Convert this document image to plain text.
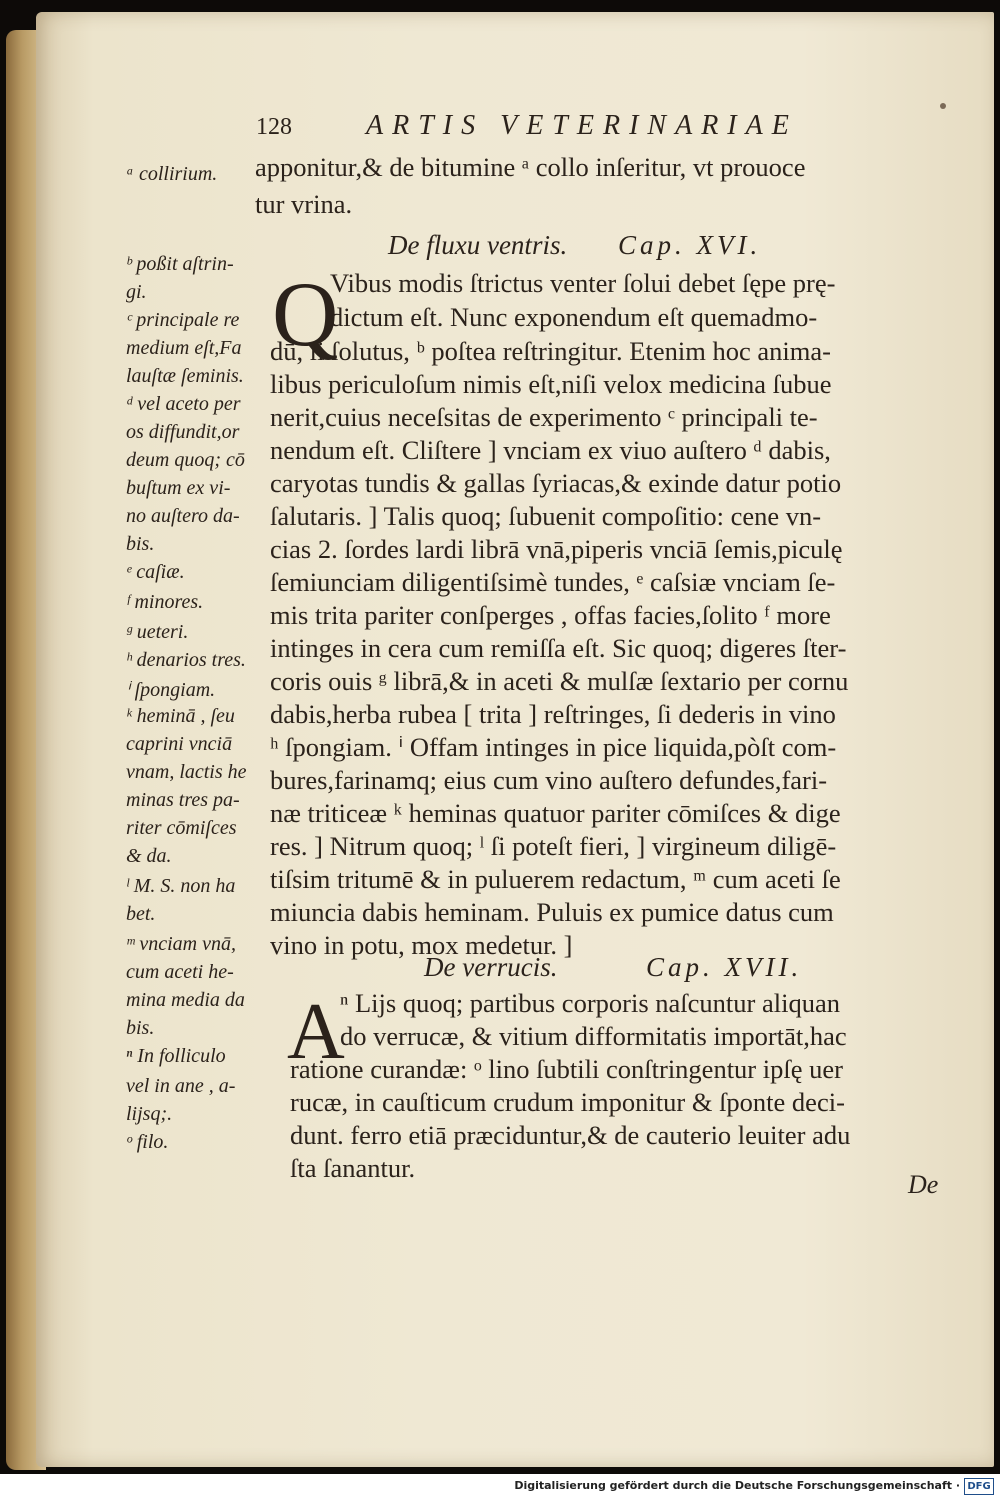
128	ARTIS VETERINARIAE
apponitur,& de bitumine ᵃ collo inſeritur, vt prouoce
tur vrina.
De fluxu ventris. Cap. XVI.
Q
Vibus modis ſtrictus venter ſolui debet ſępe prę-
dictum eſt. Nunc exponendum eſt quemadmo-
dū, ſi ſolutus, ᵇ poſtea reſtringitur. Etenim hoc anima-
libus periculoſum nimis eſt,niſi velox medicina ſubue
nerit,cuius neceſsitas de experimento ᶜ principali te-
nendum eſt. Cliſtere ] vnciam ex viuo auſtero ᵈ dabis,
caryotas tundis & gallas ſyriacas,& exinde datur potio
ſalutaris. ] Talis quoq; ſubuenit compoſitio: cene vn-
cias 2. ſordes lardi librā vnā,piperis vnciā ſemis,piculę
ſemiunciam diligentiſsimè tundes, ᵉ caſsiæ vnciam ſe-
mis trita pariter conſperges , offas facies,ſolito ᶠ more
intinges in cera cum remiſſa eſt. Sic quoq; digeres ſter-
coris ouis ᵍ librā,& in aceti & mulſæ ſextario per cornu
dabis,herba rubea [ trita ] reſtringes, ſi dederis in vino
ʰ ſpongiam. ⁱ Offam intinges in pice liquida,pòſt com-
bures,farinamq; eius cum vino auſtero defundes,fari-
næ triticeæ ᵏ heminas quatuor pariter cōmiſces & dige
res. ] Nitrum quoq; ˡ ſi poteſt fieri, ] virgineum diligē-
tiſsim tritumē & in puluerem redactum, ᵐ cum aceti ſe
miuncia dabis heminam. Puluis ex pumice datus cum
vino in potu, mox medetur. ]
De verrucis.	Cap. XVII.
A
ⁿ Lijs quoq; partibus corporis naſcuntur aliquan
do verrucæ, & vitium difformitatis importāt,hac
ratione curandæ: ᵒ lino ſubtili conſtringentur ipſę uer
rucæ, in cauſticum crudum imponitur & ſponte deci-
dunt. ferro etiā præciduntur,& de cauterio leuiter adu
ſta ſanantur.
ᵃ collirium.
ᵇ poßit aſtrin-
gi.
ᶜ principale re
medium eſt,Fa
lauſtæ ſeminis.
ᵈ vel aceto per
os diffundit,or
deum quoq; cō
buſtum ex vi-
no auſtero da-
bis.
ᵉ caſiæ.
ᶠ minores.
ᵍ ueteri.
ʰ denarios tres.
ⁱ ſpongiam.
ᵏ heminā , ſeu
caprini vnciā
vnam, lactis he
minas tres pa-
riter cōmiſces
& da.
ˡ M. S. non ha
bet.
ᵐ vnciam vnā,
cum aceti he-
mina media da
bis.
ⁿ In folliculo
vel in ane , a-
lijsq;.
ᵒ filo.
De
Digitalisierung gefördert durch die Deutsche Forschungsgemeinschaft · DFG
